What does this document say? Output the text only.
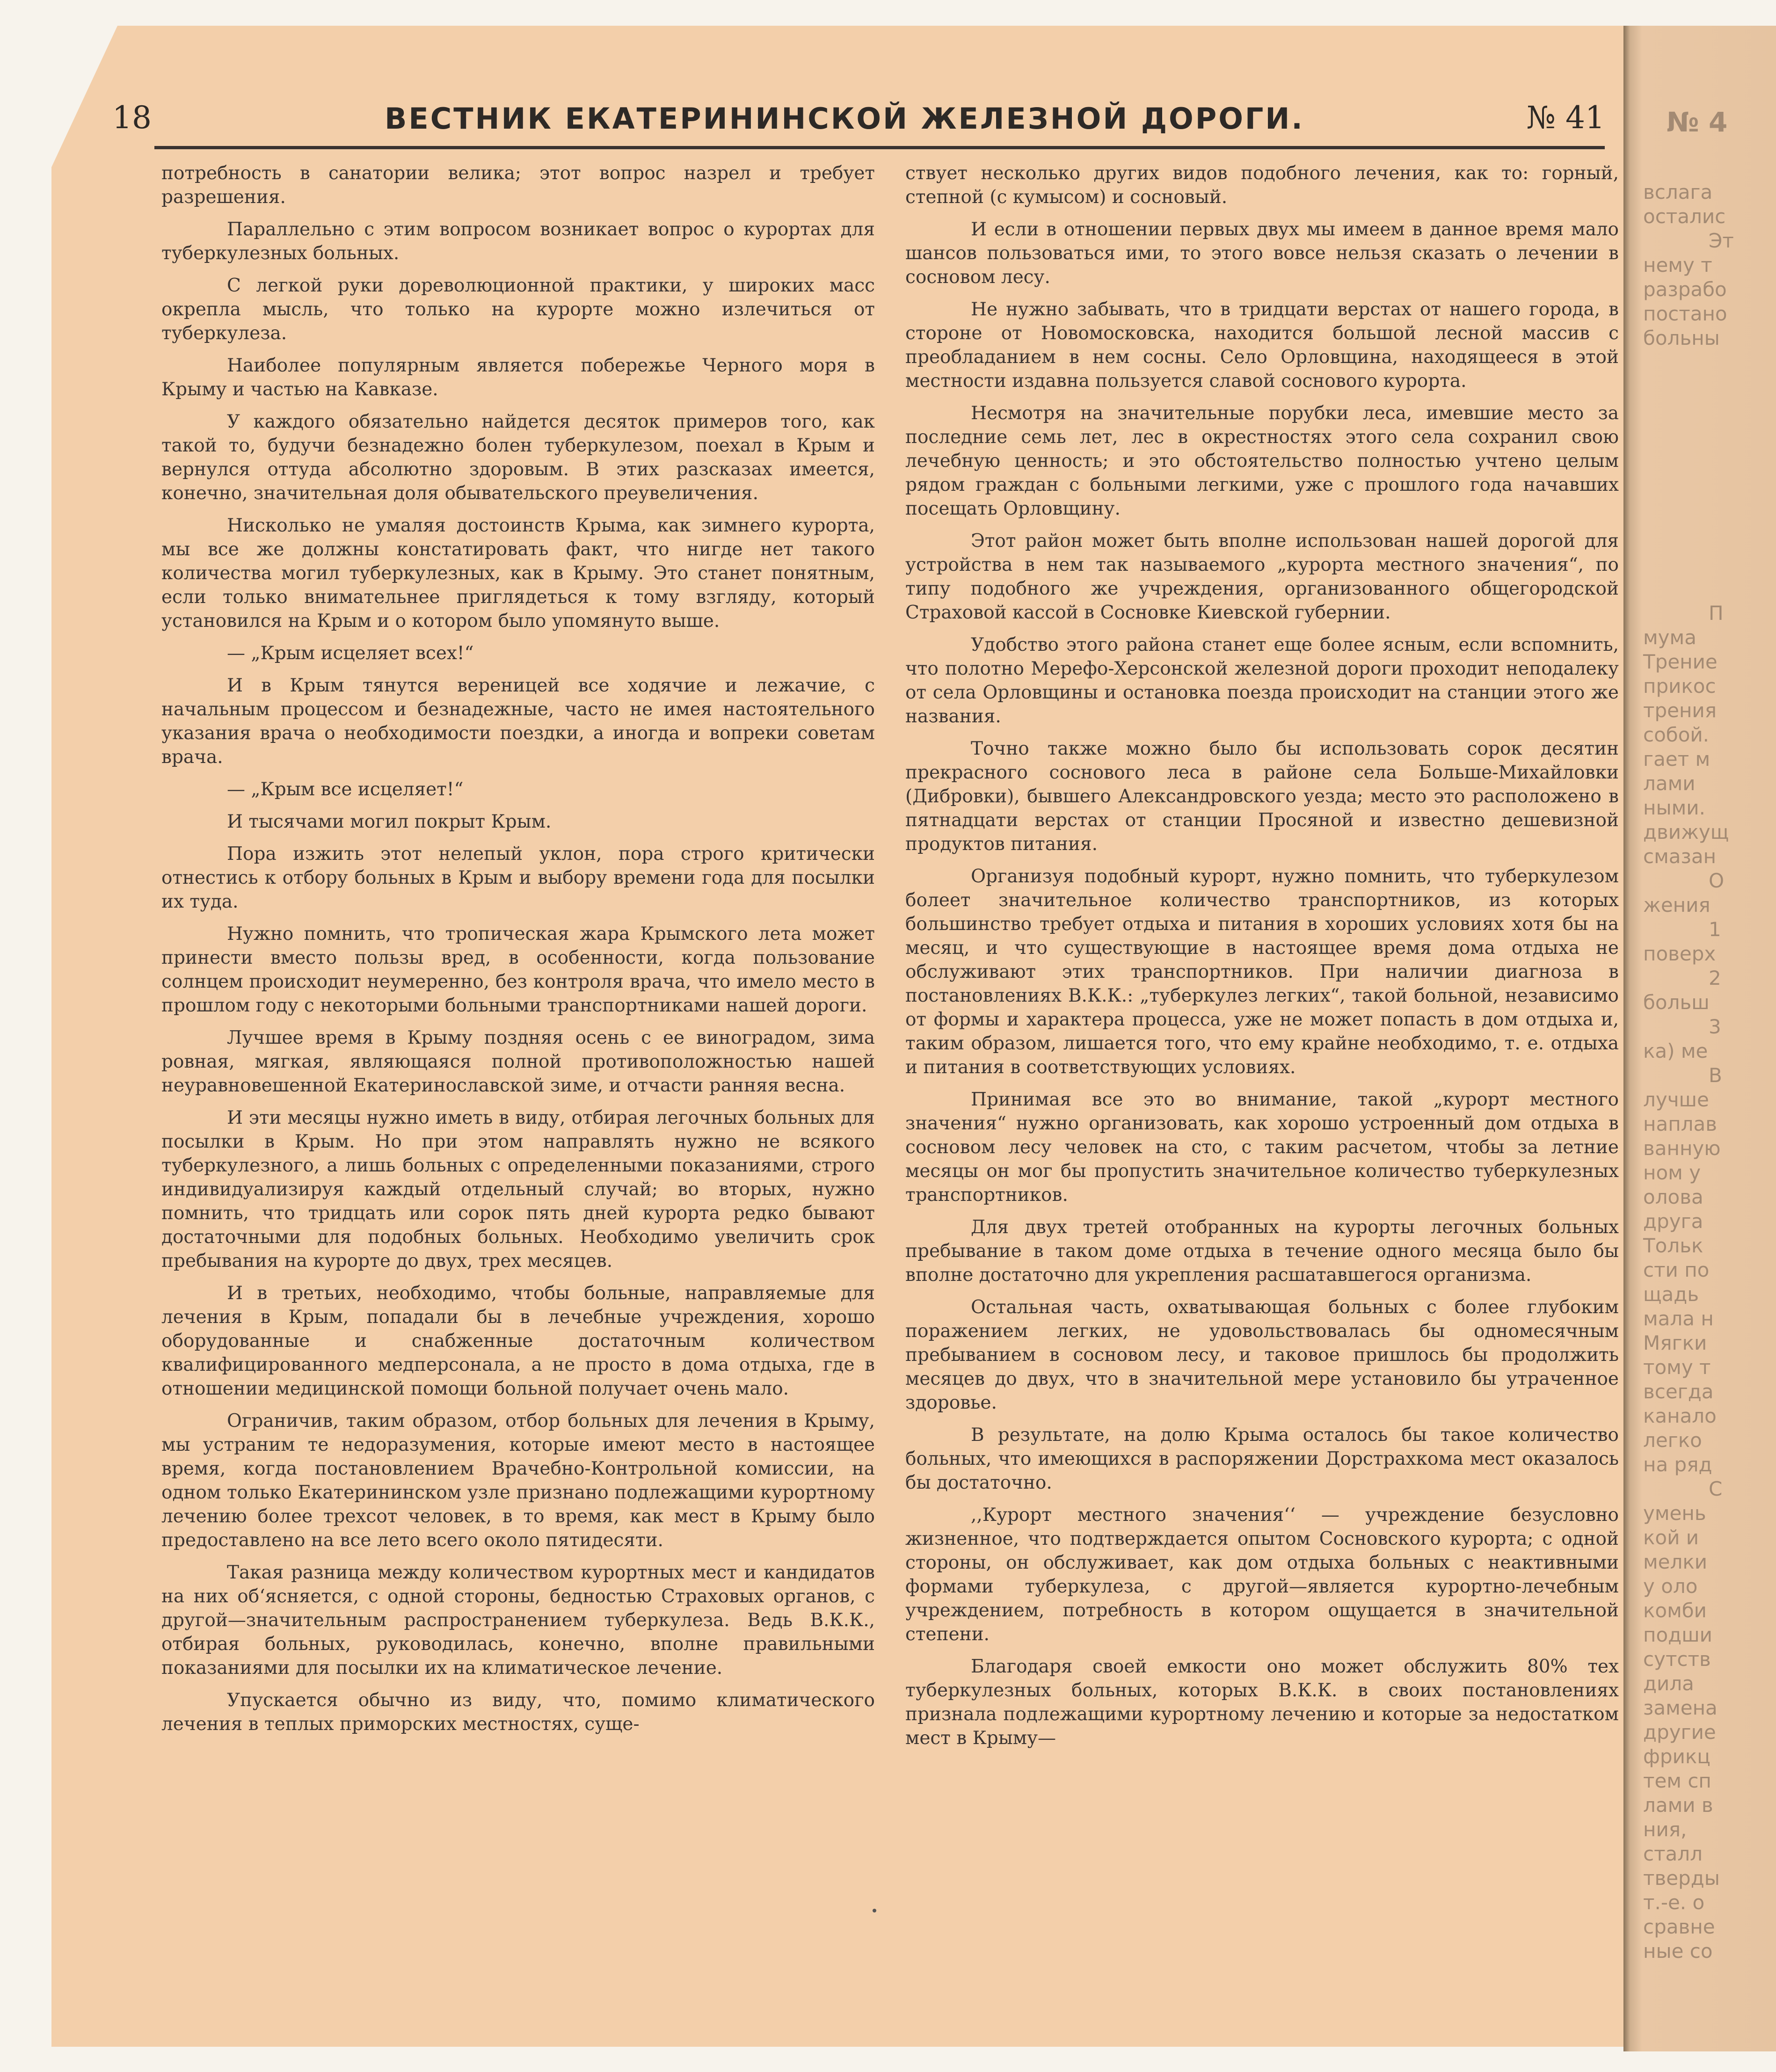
№ 4
вслага
осталис
Эт
нему т
разрабо
постано
больны
П
мума
Трение
прикос
трения
собой.
гает м
лами
ными.
движущ
смазан
О
жения
1
поверх
2
больш
3
ка) ме
В
лучше
наплав
ванную
ном у
олова
друга
Тольк
сти по
щадь
мала н
Мягки
тому т
всегда
канало
легко
на ряд
С
умень
кой и
мелки
у оло
комби
подши
сутств
дила
замена
другие
фрикц
тем сп
лами в
ния,
сталл
тверды
т.-е. о
сравне
ные со
18	ВЕСТНИК ЕКАТЕРИНИНСКОЙ ЖЕЛЕЗНОЙ ДОРОГИ.	№ 41

потребность в санатории велика; этот вопрос назрел и требует разрешения.

Параллельно с этим вопросом возникает вопрос о курортах для туберкулезных больных.

С легкой руки дореволюционной практики, у широких масс окрепла мысль, что только на курорте можно излечиться от туберкулеза.

Наиболее популярным является побережье Черного моря в Крыму и частью на Кавказе.

У каждого обязательно найдется десяток примеров того, как такой то, будучи безнадежно болен туберкулезом, поехал в Крым и вернулся оттуда абсолютно здоровым. В этих разсказах имеется, конечно, значительная доля обывательского преувеличения.

Нисколько не умаляя достоинств Крыма, как зимнего курорта, мы все же должны констатировать факт, что нигде нет такого количества могил туберкулезных, как в Крыму. Это станет понятным, если только внимательнее приглядеться к тому взгляду, который установился на Крым и о котором было упомянуто выше.

— „Крым исцеляет всех!“

И в Крым тянутся вереницей все ходячие и лежачие, с начальным процессом и безнадежные, часто не имея настоятельного указания врача о необходимости поездки, а иногда и вопреки советам врача.

— „Крым все исцеляет!“

И тысячами могил покрыт Крым.

Пора изжить этот нелепый уклон, пора строго критически отнестись к отбору больных в Крым и выбору времени года для посылки их туда.

Нужно помнить, что тропическая жара Крымского лета может принести вместо пользы вред, в особенности, когда пользование солнцем происходит неумеренно, без контроля врача, что имело место в прошлом году с некоторыми больными транспортниками нашей дороги.

Лучшее время в Крыму поздняя осень с ее виноградом, зима ровная, мягкая, являющаяся полной противоположностью нашей неуравновешенной Екатеринославской зиме, и отчасти ранняя весна.

И эти месяцы нужно иметь в виду, отбирая легочных больных для посылки в Крым. Но при этом направлять нужно не всякого туберкулезного, а лишь больных с определенными показаниями, строго индивидуализируя каждый отдельный случай; во вторых, нужно помнить, что тридцать или сорок пять дней курорта редко бывают достаточными для подобных больных. Необходимо увеличить срок пребывания на курорте до двух, трех месяцев.

И в третьих, необходимо, чтобы больные, направляемые для лечения в Крым, попадали бы в лечебные учреждения, хорошо оборудованные и снабженные достаточным количеством квалифицированного медперсонала, а не просто в дома отдыха, где в отношении медицинской помощи больной получает очень мало.

Ограничив, таким образом, отбор больных для лечения в Крыму, мы устраним те недоразумения, которые имеют место в настоящее время, когда постановлением Врачебно-Контрольной комиссии, на одном только Екатерининском узле признано подлежащими курортному лечению более трехсот человек, в то время, как мест в Крыму было предоставлено на все лето всего около пятидесяти.

Такая разница между количеством курортных мест и кандидатов на них об‘ясняется, с одной стороны, бедностью Страховых органов, с другой—значительным распространением туберкулеза. Ведь В.К.К., отбирая больных, руководилась, конечно, вполне правильными показаниями для посылки их на климатическое лечение.

Упускается обычно из виду, что, помимо климатического лечения в теплых приморских местностях, суще-

ствует несколько других видов подобного лечения, как то: горный, степной (с кумысом) и сосновый.

И если в отношении первых двух мы имеем в данное время мало шансов пользоваться ими, то этого вовсе нельзя сказать о лечении в сосновом лесу.

Не нужно забывать, что в тридцати верстах от нашего города, в стороне от Новомосковска, находится большой лесной массив с преобладанием в нем сосны. Село Орловщина, находящееся в этой местности издавна пользуется славой соснового курорта.

Несмотря на значительные порубки леса, имевшие место за последние семь лет, лес в окрестностях этого села сохранил свою лечебную ценность; и это обстоятельство полностью учтено целым рядом граждан с больными легкими, уже с прошлого года начавших посещать Орловщину.

Этот район может быть вполне использован нашей дорогой для устройства в нем так называемого „курорта местного значения“, по типу подобного же учреждения, организованного общегородской Страховой кассой в Сосновке Киевской губернии.

Удобство этого района станет еще более ясным, если вспомнить, что полотно Мерефо-Херсонской железной дороги проходит неподалеку от села Орловщины и остановка поезда происходит на станции этого же названия.

Точно также можно было бы использовать сорок десятин прекрасного соснового леса в районе села Больше-Михайловки (Дибровки), бывшего Александровского уезда; место это расположено в пятнадцати верстах от станции Просяной и известно дешевизной продуктов питания.

Организуя подобный курорт, нужно помнить, что туберкулезом болеет значительное количество транспортников, из которых большинство требует отдыха и питания в хороших условиях хотя бы на месяц, и что существующие в настоящее время дома отдыха не обслуживают этих транспортников. При наличии диагноза в постановлениях В.К.К.: „туберкулез легких“, такой больной, независимо от формы и характера процесса, уже не может попасть в дом отдыха и, таким образом, лишается того, что ему крайне необходимо, т. е. отдыха и питания в соответствующих условиях.

Принимая все это во внимание, такой „курорт местного значения“ нужно организовать, как хорошо устроенный дом отдыха в сосновом лесу человек на сто, с таким расчетом, чтобы за летние месяцы он мог бы пропустить значительное количество туберкулезных транспортников.

Для двух третей отобранных на курорты легочных больных пребывание в таком доме отдыха в течение одного месяца было бы вполне достаточно для укрепления расшатавшегося организма.

Остальная часть, охватывающая больных с более глубоким поражением легких, не удовольствовалась бы одномесячным пребыванием в сосновом лесу, и таковое пришлось бы продолжить месяцев до двух, что в значительной мере установило бы утраченное здоровье.

В результате, на долю Крыма осталось бы такое количество больных, что имеющихся в распоряжении Дорстрахкома мест оказалось бы достаточно.

,,Курорт местного значения‘‘ — учреждение безусловно жизненное, что подтверждается опытом Сосновского курорта; с одной стороны, он обслуживает, как дом отдыха больных с неактивными формами туберкулеза, с другой—является курортно-лечебным учреждением, потребность в котором ощущается в значительной степени.

Благодаря своей емкости оно может обслужить 80% тех туберкулезных больных, которых В.К.К. в своих постановлениях признала подлежащими курортному лечению и которые за недостатком мест в Крыму—
